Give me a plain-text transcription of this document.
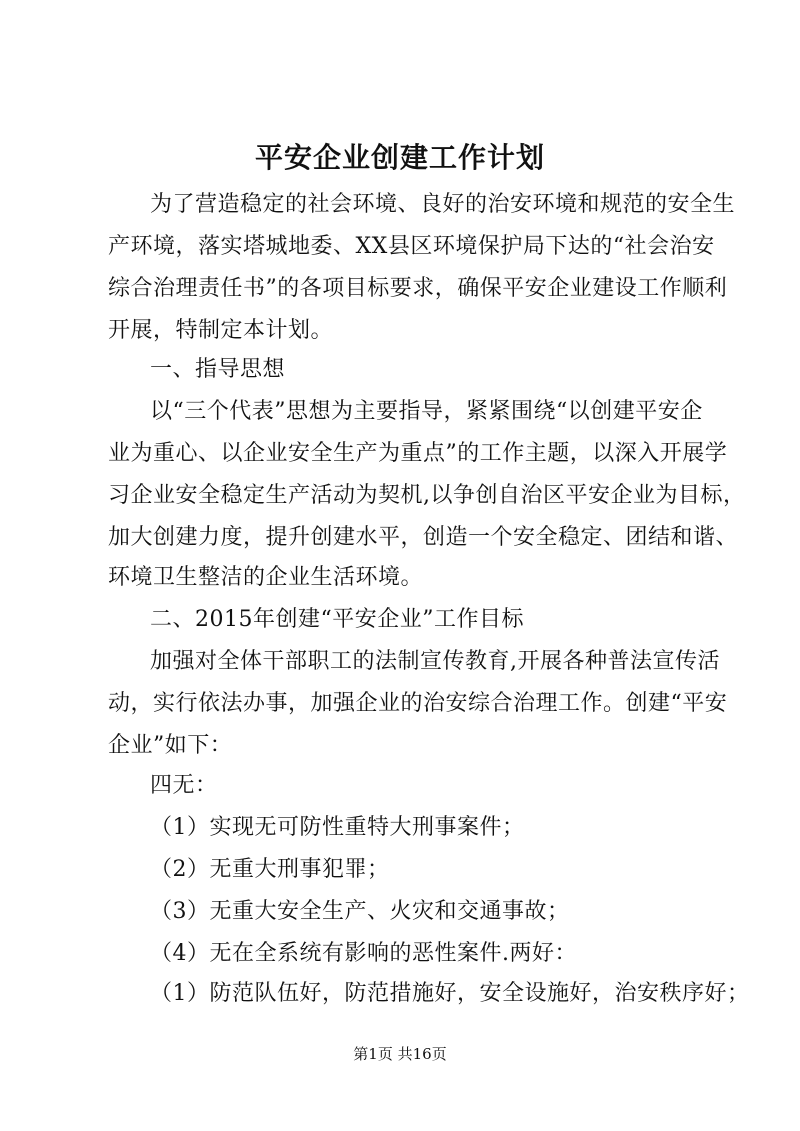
平安企业创建工作计划
为了营造稳定的社会环境、良好的治安环境和规范的安全生
产环境，落实塔城地委、XX县区环境保护局下达的“社会治安
综合治理责任书”的各项目标要求，确保平安企业建设工作顺利
开展，特制定本计划。
一、指导思想
以“三个代表”思想为主要指导，紧紧围绕“以创建平安企
业为重心、以企业安全生产为重点”的工作主题，以深入开展学
习企业安全稳定生产活动为契机,以争创自治区平安企业为目标，
加大创建力度，提升创建水平，创造一个安全稳定、团结和谐、
环境卫生整洁的企业生活环境。
二、2015年创建“平安企业”工作目标
加强对全体干部职工的法制宣传教育,开展各种普法宣传活
动，实行依法办事，加强企业的治安综合治理工作。创建“平安
企业”如下：
四无：
（1）实现无可防性重特大刑事案件；
（2）无重大刑事犯罪；
（3）无重大安全生产、火灾和交通事故；
（4）无在全系统有影响的恶性案件.两好：
（1）防范队伍好，防范措施好，安全设施好，治安秩序好；
第1页 共16页
